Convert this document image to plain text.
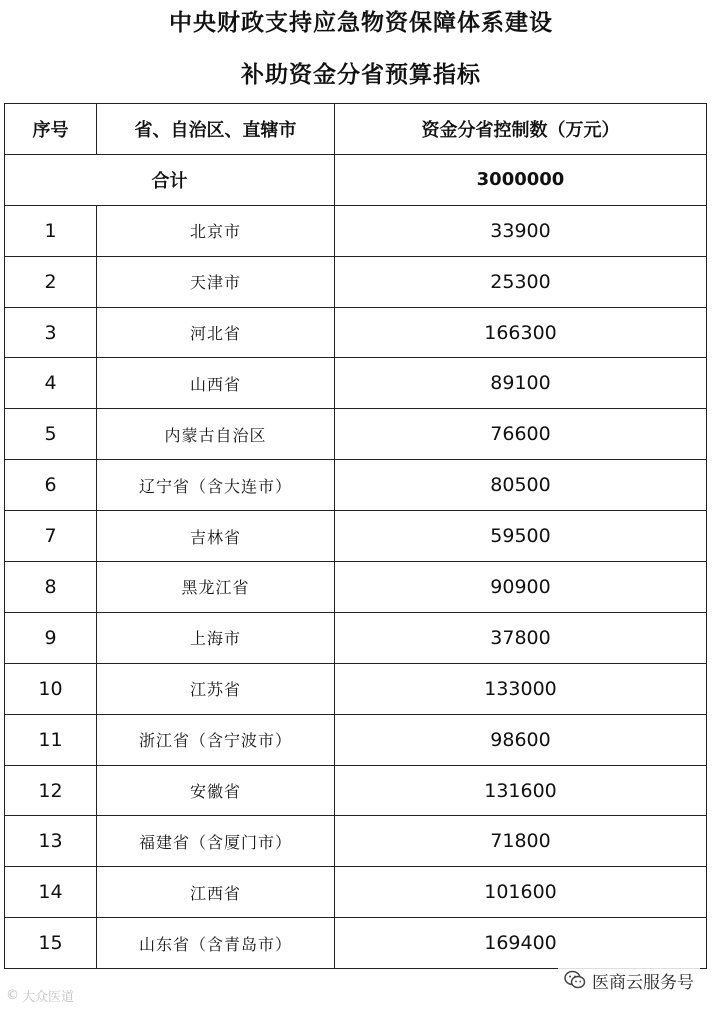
中央财政支持应急物资保障体系建设
补助资金分省预算指标
序号	省、自治区、直辖市	资金分省控制数（万元）
合计		3000000
1	北京市	33900
2	天津市	25300
3	河北省	166300
4	山西省	89100
5	内蒙古自治区	76600
6	辽宁省（含大连市）	80500
7	吉林省	59500
8	黑龙江省	90900
9	上海市	37800
10	江苏省	133000
11	浙江省（含宁波市）	98600
12	安徽省	131600
13	福建省（含厦门市）	71800
14	江西省	101600
15	山东省（含青岛市）	169400
© 大众医道
医商云服务号
